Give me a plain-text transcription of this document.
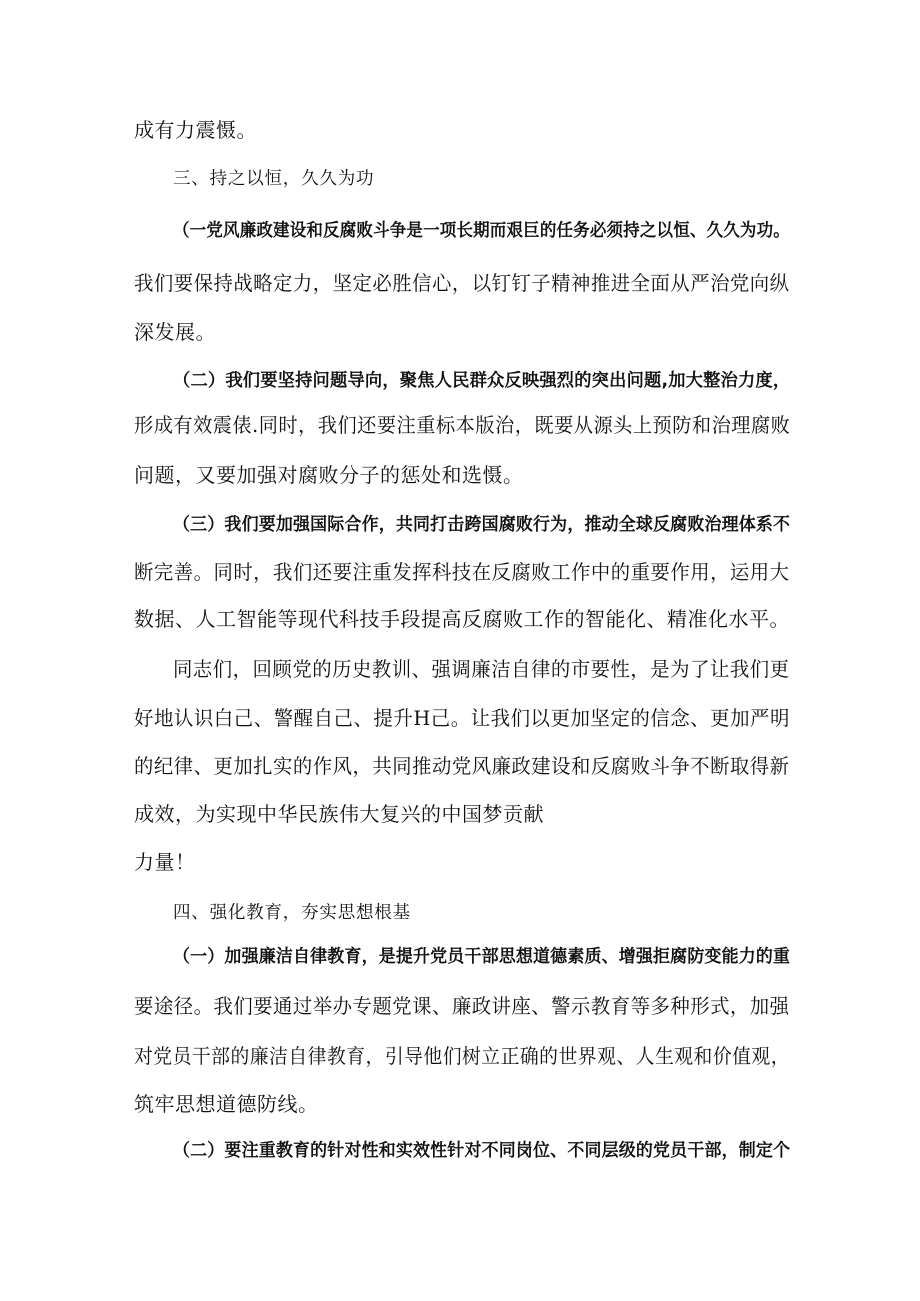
成有力震慑。
三、持之以恒，久久为功
（一党风廉政建设和反腐败斗争是一项长期而艰巨的任务必须持之以恒、久久为功。
我们要保持战略定力，坚定必胜信心，以钉钉子精神推进全面从严治党向纵
深发展。
（二）我们要坚持问题导向，聚焦人民群众反映强烈的突出问题,加大整治力度，
形成有效震俵.同时，我们还要注重标本版治，既要从源头上预防和治理腐败
问题，又要加强对腐败分子的惩处和选慑。
（三）我们要加强国际合作，共同打击跨国腐败行为，推动全球反腐败治理体系不
断完善。同时，我们还要注重发挥科技在反腐败工作中的重要作用，运用大
数据、人工智能等现代科技手段提高反腐败工作的智能化、精准化水平。
同志们，回顾党的历史教训、强调廉洁自律的市要性，是为了让我们更
好地认识白己、警醒自己、提升H己。让我们以更加坚定的信念、更加严明
的纪律、更加扎实的作风，共同推动党风廉政建设和反腐败斗争不断取得新
成效，为实现中华民族伟大复兴的中国梦贡献
力量！
四、强化教育，夯实思想根基
（一）加强廉洁自律教育，是提升党员干部思想道德素质、增强拒腐防变能力的重
要途径。我们要通过举办专题党课、廉政讲座、警示教育等多种形式，加强
对党员干部的廉洁自律教育，引导他们树立正确的世界观、人生观和价值观，
筑牢思想道德防线。
（二）要注重教育的针对性和实效性针对不同岗位、不同层级的党员干部，制定个
